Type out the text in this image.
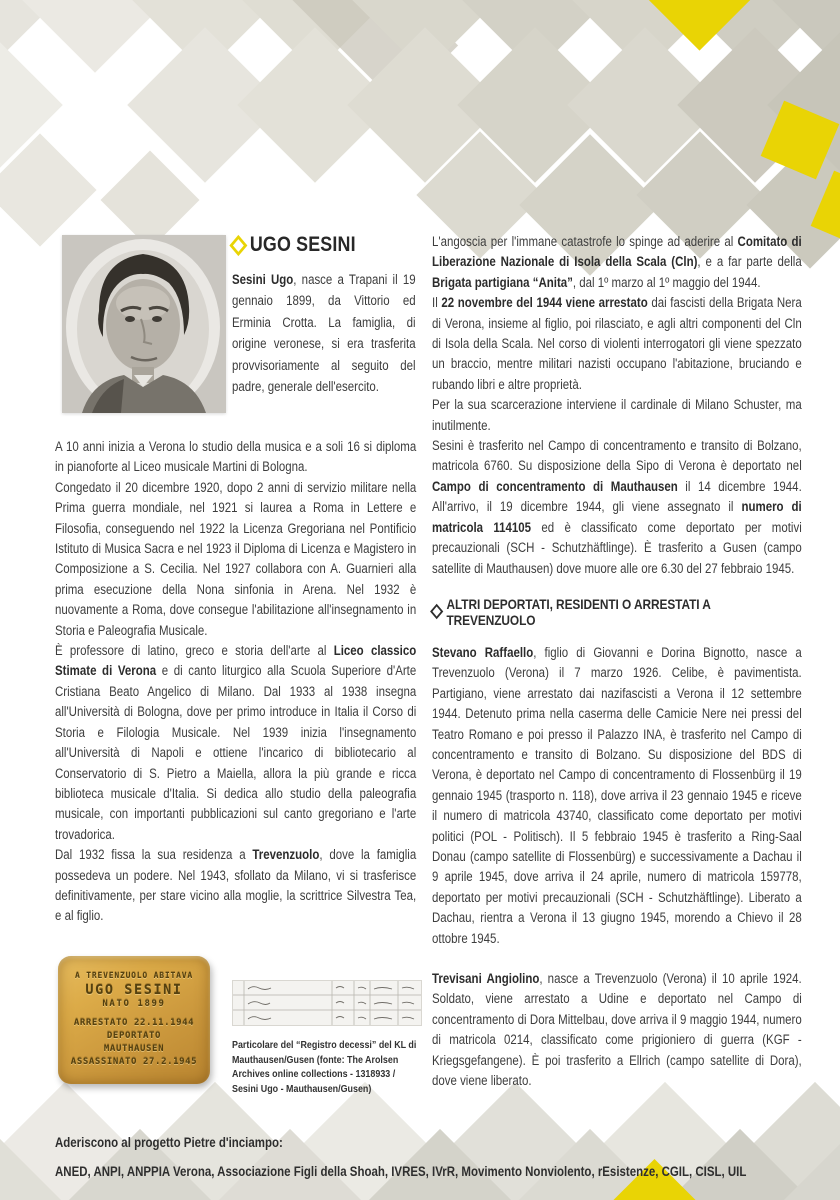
UGO SESINI

Sesini Ugo, nasce a Trapani il 19 gennaio 1899, da Vittorio ed Erminia Crotta. La famiglia, di origine veronese, si era trasferita provvisoriamente al seguito del padre, generale dell'esercito.

A 10 anni inizia a Verona lo studio della musica e a soli 16 si diploma in pianoforte al Liceo musicale Martini di Bologna.

Congedato il 20 dicembre 1920, dopo 2 anni di servizio militare nella Prima guerra mondiale, nel 1921 si laurea a Roma in Lettere e Filosofia, conseguendo nel 1922 la Licenza Gregoriana nel Pontificio Istituto di Musica Sacra e nel 1923 il Diploma di Licenza e Magistero in Composizione a S. Cecilia. Nel 1927 collabora con A. Guarnieri alla prima esecuzione della Nona sinfonia in Arena. Nel 1932 è nuovamente a Roma, dove consegue l'abilitazione all'insegnamento in Storia e Paleografia Musicale.

È professore di latino, greco e storia dell'arte al Liceo classico Stimate di Verona e di canto liturgico alla Scuola Superiore d'Arte Cristiana Beato Angelico di Milano. Dal 1933 al 1938 insegna all'Università di Bologna, dove per primo introduce in Italia il Corso di Storia e Filologia Musicale. Nel 1939 inizia l'insegnamento all'Università di Napoli e ottiene l'incarico di bibliotecario al Conservatorio di S. Pietro a Maiella, allora la più grande e ricca biblioteca musicale d'Italia. Si dedica allo studio della paleografia musicale, con importanti pubblicazioni sul canto gregoriano e l'arte trovadorica.

Dal 1932 fissa la sua residenza a Trevenzuolo, dove la famiglia possedeva un podere. Nel 1943, sfollato da Milano, vi si trasferisce definitivamente, per stare vicino alla moglie, la scrittrice Silvestra Tea, e al figlio.

L'angoscia per l'immane catastrofe lo spinge ad aderire al Comitato di Liberazione Nazionale di Isola della Scala (Cln), e a far parte della Brigata partigiana “Anita”, dal 1º marzo al 1º maggio del 1944.

Il 22 novembre del 1944 viene arrestato dai fascisti della Brigata Nera di Verona, insieme al figlio, poi rilasciato, e agli altri componenti del Cln di Isola della Scala. Nel corso di violenti interrogatori gli viene spezzato un braccio, mentre militari nazisti occupano l'abitazione, bruciando e rubando libri e altre proprietà.

Per la sua scarcerazione interviene il cardinale di Milano Schuster, ma inutilmente.

Sesini è trasferito nel Campo di concentramento e transito di Bolzano, matricola 6760. Su disposizione della Sipo di Verona è deportato nel Campo di concentramento di Mauthausen il 14 dicembre 1944. All'arrivo, il 19 dicembre 1944, gli viene assegnato il numero di matricola 114105 ed è classificato come deportato per motivi precauzionali (SCH - Schutzhäftlinge). È trasferito a Gusen (campo satellite di Mauthausen) dove muore alle ore 6.30 del 27 febbraio 1945.

ALTRI DEPORTATI, RESIDENTI O ARRESTATI A TREVENZUOLO

Stevano Raffaello, figlio di Giovanni e Dorina Bignotto, nasce a Trevenzuolo (Verona) il 7 marzo 1926. Celibe, è pavimentista. Partigiano, viene arrestato dai nazifascisti a Verona il 12 settembre 1944. Detenuto prima nella caserma delle Camicie Nere nei pressi del Teatro Romano e poi presso il Palazzo INA, è trasferito nel Campo di concentramento e transito di Bolzano. Su disposizione del BDS di Verona, è deportato nel Campo di concentramento di Flossenbürg il 19 gennaio 1945 (trasporto n. 118), dove arriva il 23 gennaio 1945 e riceve il numero di matricola 43740, classificato come deportato per motivi politici (POL - Politisch). Il 5 febbraio 1945 è trasferito a Ring-Saal Donau (campo satellite di Flossenbürg) e successivamente a Dachau il 9 aprile 1945, dove arriva il 24 aprile, numero di matricola 159778, deportato per motivi precauzionali (SCH - Schutzhäftlinge). Liberato a Dachau, rientra a Verona il 13 giugno 1945, morendo a Chievo il 28 ottobre 1945.

Trevisani Angiolino, nasce a Trevenzuolo (Verona) il 10 aprile 1924. Soldato, viene arrestato a Udine e deportato nel Campo di concentramento di Dora Mittelbau, dove arriva il 9 maggio 1944, numero di matricola 0214, classificato come prigioniero di guerra (KGF - Kriegsgefangene). È poi trasferito a Ellrich (campo satellite di Dora), dove viene liberato.

A TREVENZUOLO ABITAVA
UGO SESINI
NATO 1899
ARRESTATO 22.11.1944
DEPORTATO
MAUTHAUSEN
ASSASSINATO 27.2.1945

Particolare del “Registro decessi” del KL di Mauthausen/Gusen (fonte: The Arolsen Archives online collections - 1318933 / Sesini Ugo - Mauthausen/Gusen)

Aderiscono al progetto Pietre d'inciampo:

ANED, ANPI, ANPPIA Verona, Associazione Figli della Shoah, IVRES, IVrR, Movimento Nonviolento, rEsistenze, CGIL, CISL, UIL
